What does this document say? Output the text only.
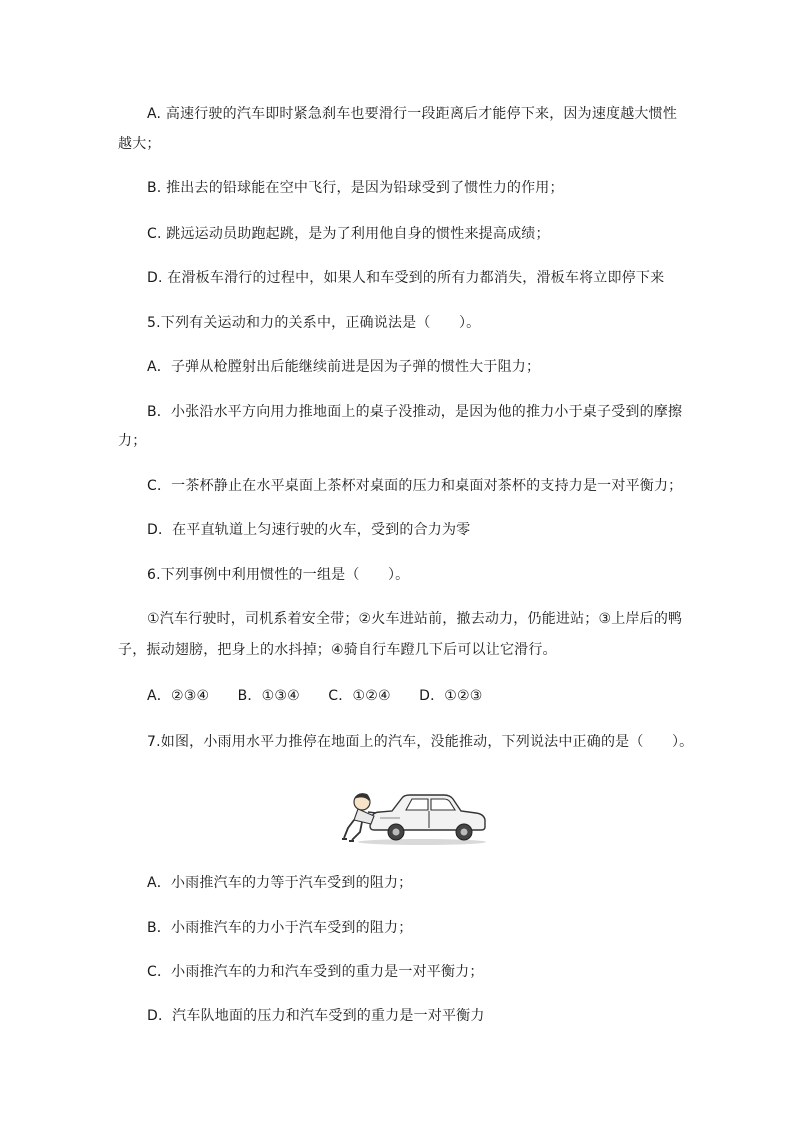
A. 高速行驶的汽车即时紧急刹车也要滑行一段距离后才能停下来，因为速度越大惯性
越大；
B. 推出去的铅球能在空中飞行，是因为铅球受到了惯性力的作用；
C. 跳远运动员助跑起跳，是为了利用他自身的惯性来提高成绩；
D. 在滑板车滑行的过程中，如果人和车受到的所有力都消失，滑板车将立即停下来
5.下列有关运动和力的关系中，正确说法是（　　）。
A．子弹从枪膛射出后能继续前进是因为子弹的惯性大于阻力；
B．小张沿水平方向用力推地面上的桌子没推动，是因为他的推力小于桌子受到的摩擦
力；
C．一茶杯静止在水平桌面上茶杯对桌面的压力和桌面对茶杯的支持力是一对平衡力；
D．在平直轨道上匀速行驶的火车，受到的合力为零
6.下列事例中利用惯性的一组是（　　）。
①汽车行驶时，司机系着安全带；②火车进站前，撤去动力，仍能进站；③上岸后的鸭
子，振动翅膀，把身上的水抖掉；④骑自行车蹬几下后可以让它滑行。
A．②③④　　B．①③④　　C．①②④　　D．①②③
7.如图，小雨用水平力推停在地面上的汽车，没能推动，下列说法中正确的是（　　）。
A．小雨推汽车的力等于汽车受到的阻力；
B．小雨推汽车的力小于汽车受到的阻力；
C．小雨推汽车的力和汽车受到的重力是一对平衡力；
D．汽车队地面的压力和汽车受到的重力是一对平衡力
